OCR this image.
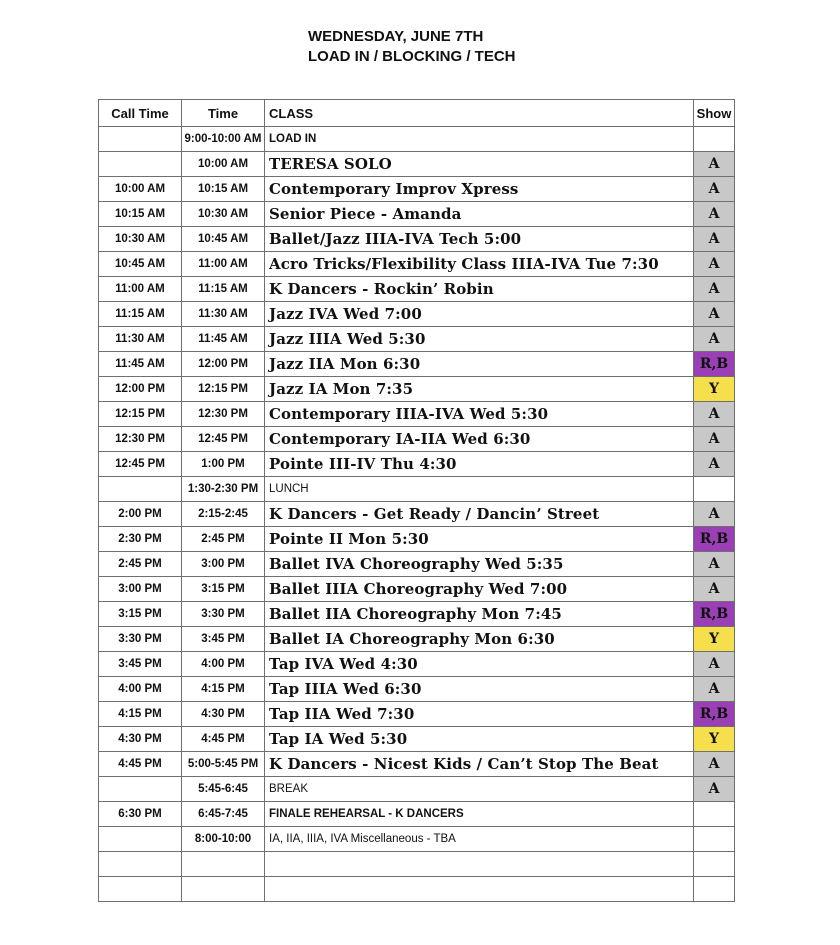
WEDNESDAY, JUNE 7TH
LOAD IN / BLOCKING / TECH
Call Time	Time	CLASS	Show
	9:00-10:00 AM	LOAD IN	
	10:00 AM	TERESA SOLO	A
10:00 AM	10:15 AM	Contemporary Improv Xpress	A
10:15 AM	10:30 AM	Senior Piece - Amanda	A
10:30 AM	10:45 AM	Ballet/Jazz IIIA-IVA Tech 5:00	A
10:45 AM	11:00 AM	Acro Tricks/Flexibility Class IIIA-IVA Tue 7:30	A
11:00 AM	11:15 AM	K Dancers - Rockin’ Robin	A
11:15 AM	11:30 AM	Jazz IVA Wed 7:00	A
11:30 AM	11:45 AM	Jazz IIIA Wed 5:30	A
11:45 AM	12:00 PM	Jazz IIA Mon 6:30	R,B
12:00 PM	12:15 PM	Jazz IA Mon 7:35	Y
12:15 PM	12:30 PM	Contemporary IIIA-IVA Wed 5:30	A
12:30 PM	12:45 PM	Contemporary IA-IIA Wed 6:30	A
12:45 PM	1:00 PM	Pointe III-IV Thu 4:30	A
	1:30-2:30 PM	LUNCH	
2:00 PM	2:15-2:45	K Dancers - Get Ready / Dancin’ Street	A
2:30 PM	2:45 PM	Pointe II Mon 5:30	R,B
2:45 PM	3:00 PM	Ballet IVA Choreography Wed 5:35	A
3:00 PM	3:15 PM	Ballet IIIA Choreography Wed 7:00	A
3:15 PM	3:30 PM	Ballet IIA Choreography Mon 7:45	R,B
3:30 PM	3:45 PM	Ballet IA Choreography Mon 6:30	Y
3:45 PM	4:00 PM	Tap IVA Wed 4:30	A
4:00 PM	4:15 PM	Tap IIIA Wed 6:30	A
4:15 PM	4:30 PM	Tap IIA Wed 7:30	R,B
4:30 PM	4:45 PM	Tap IA Wed 5:30	Y
4:45 PM	5:00-5:45 PM	K Dancers - Nicest Kids / Can’t Stop The Beat	A
	5:45-6:45	BREAK	A
6:30 PM	6:45-7:45	FINALE REHEARSAL - K DANCERS	
	8:00-10:00	IA, IIA, IIIA, IVA Miscellaneous - TBA	
